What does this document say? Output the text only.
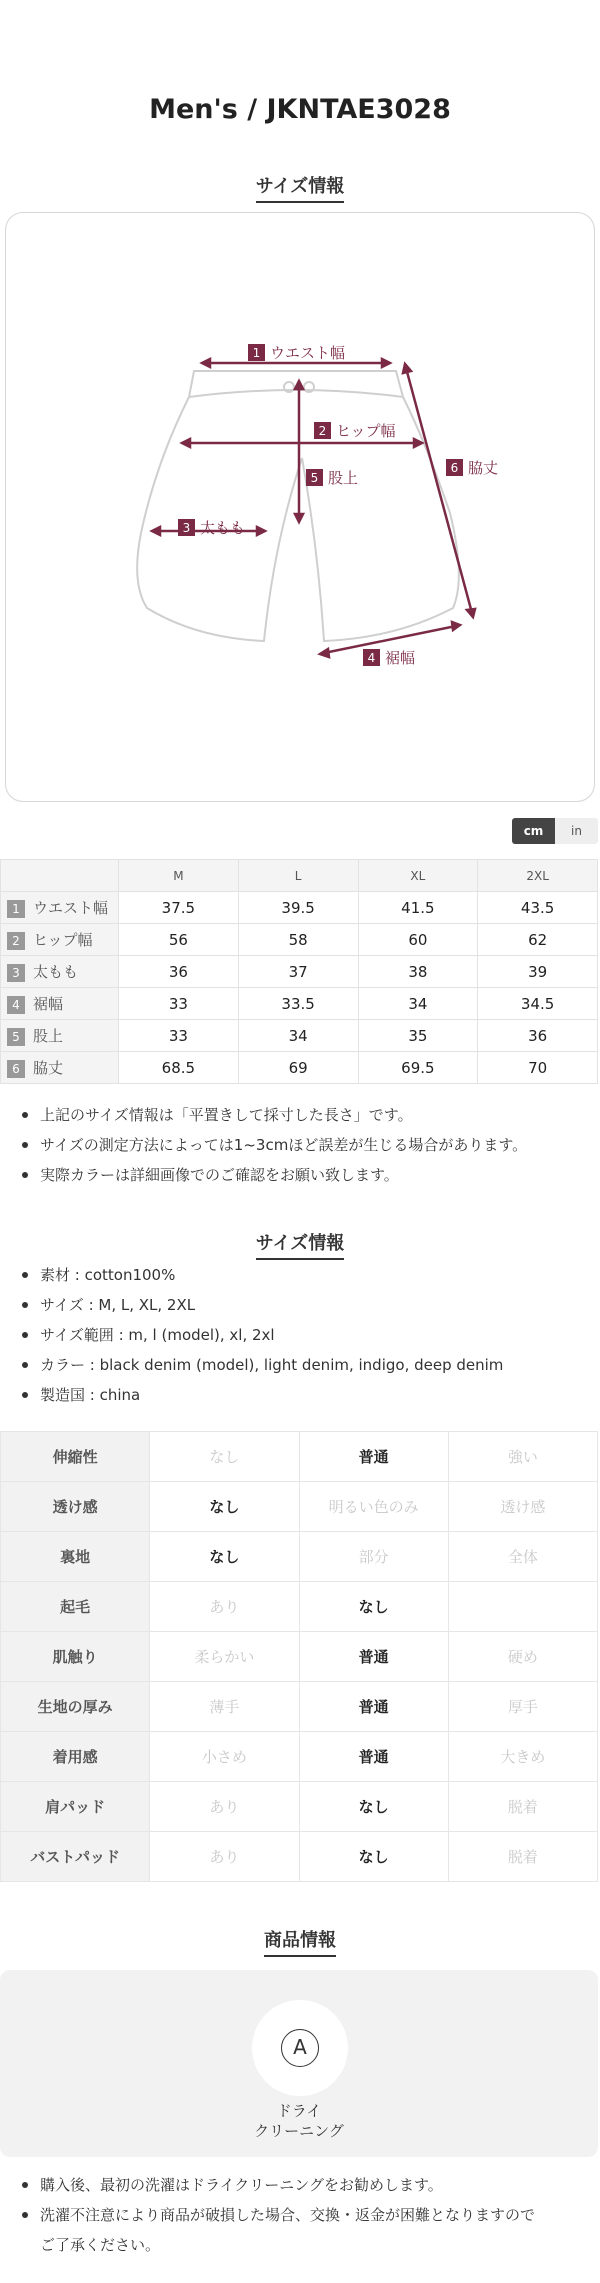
Men's / JKNTAE3028
サイズ情報
1 ウエスト幅
2 ヒップ幅
3 太もも
4 裾幅
5 股上
6 脇丈
cm	in
	M	L	XL	2XL
1 ウエスト幅	37.5	39.5	41.5	43.5
2 ヒップ幅	56	58	60	62
3 太もも	36	37	38	39
4 裾幅	33	33.5	34	34.5
5 股上	33	34	35	36
6 脇丈	68.5	69	69.5	70
上記のサイズ情報は「平置きして採寸した長さ」です。
サイズの測定方法によっては1~3cmほど誤差が生じる場合があります。
実際カラーは詳細画像でのご確認をお願い致します。
サイズ情報
素材 : cotton100%
サイズ : M, L, XL, 2XL
サイズ範囲 : m, l (model), xl, 2xl
カラー : black denim (model), light denim, indigo, deep denim
製造国 : china
伸縮性	なし	普通	強い
透け感	なし	明るい色のみ	透け感
裏地	なし	部分	全体
起毛	あり	なし	
肌触り	柔らかい	普通	硬め
生地の厚み	薄手	普通	厚手
着用感	小さめ	普通	大きめ
肩パッド	あり	なし	脱着
バストパッド	あり	なし	脱着
商品情報
A
ドライ
クリーニング
購入後、最初の洗濯はドライクリーニングをお勧めします。
洗濯不注意により商品が破損した場合、交換・返金が困難となりますので
ご了承ください。
